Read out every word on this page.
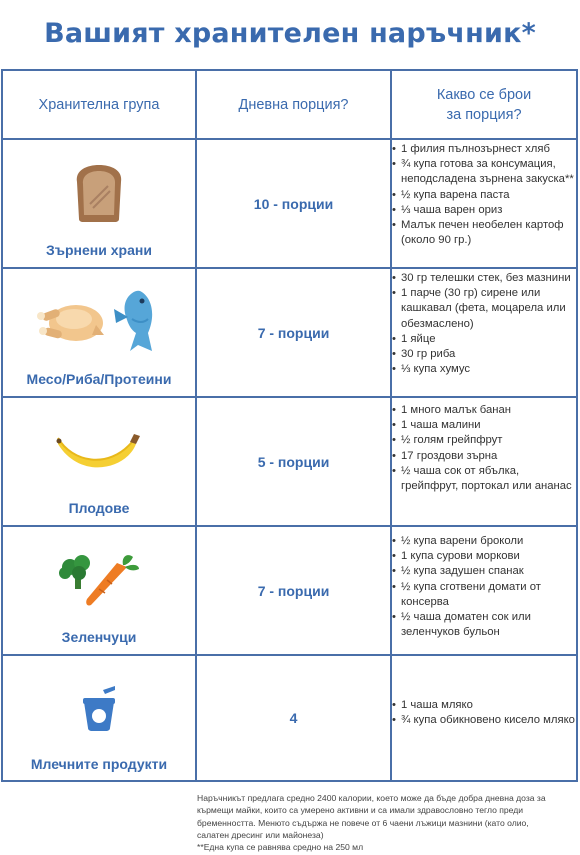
Вашият хранителен наръчник*
Хранителна група	Дневна порция?
Какво се брои
за порция?
Зърнени храни
10 - порции
• 1 филия пълнозърнест хляб
• ¾ купа готова за консумация, неподсладена зърнена закуска**
• ½ купа варена паста
• ⅓ чаша варен ориз
• Малък печен необелен картоф (около 90 гр.)
Месо/Риба/Протеини
7 - порции
• 30 гр телешки стек, без мазнини
• 1 парче (30 гр) сирене или кашкавал (фета, моцарела или обезмаслено)
• 1 яйце
• 30 гр риба
• ⅓ купа хумус
Плодове
5 - порции
• 1 много малък банан
• 1 чаша малини
• ½ голям грейпфрут
• 17 гроздови зърна
• ½ чаша сок от ябълка, грейпфрут, портокал или ананас
Зеленчуци
7 - порции
• ½ купа варени броколи
• 1 купа сурови моркови
• ½ купа задушен спанак
• ½ купа сготвени домати от консерва
• ½ чаша доматен сок или зеленчуков бульон
Млечните продукти
4
• 1 чаша мляко
• ¾ купа обикновено кисело мляко

Наръчникът предлага средно 2400 калории, което може да бъде добра дневна доза за кърмещи майки, които са умерено активни и са имали здравословно тегло преди бременността. Менюто съдържа не повече от 6 чаени лъжици мазнини (като олио, салатен дресинг или майонеза)

**Една купа се равнява средно на 250 мл
